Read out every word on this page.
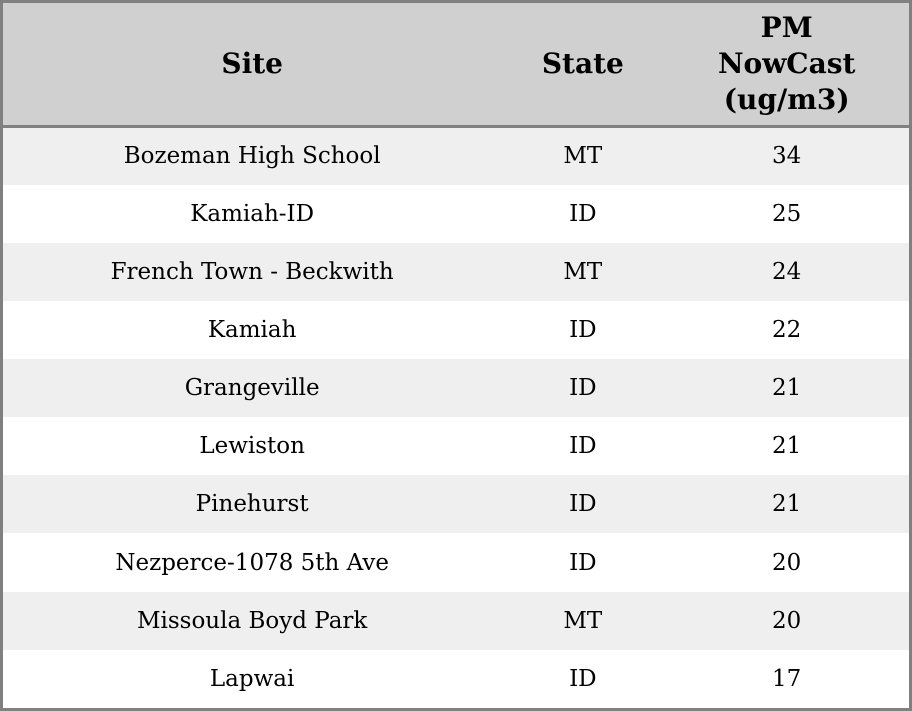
Site	State	PM
NowCast
(ug/m3)

Bozeman High School	MT	34
Kamiah-ID	ID	25
French Town - Beckwith	MT	24
Kamiah	ID	22
Grangeville	ID	21
Lewiston	ID	21
Pinehurst	ID	21
Nezperce-1078 5th Ave	ID	20
Missoula Boyd Park	MT	20
Lapwai	ID	17
